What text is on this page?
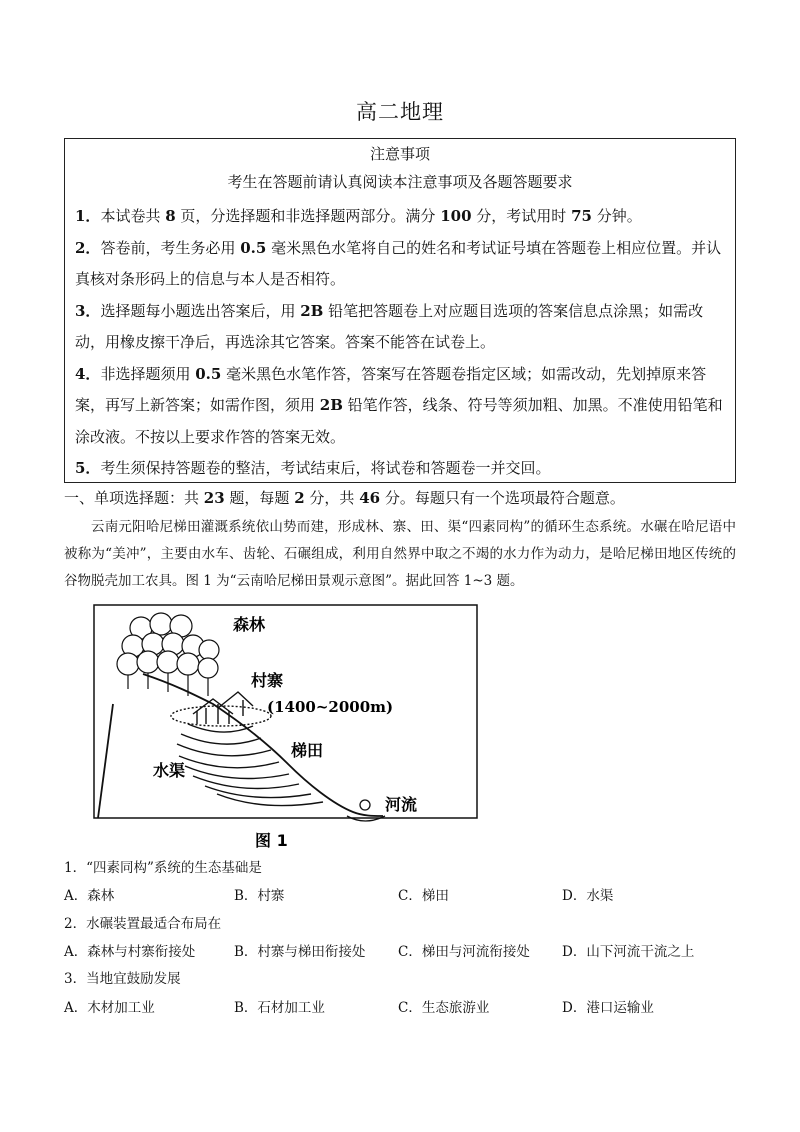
高二地理
注意事项
考生在答题前请认真阅读本注意事项及各题答题要求

1．本试卷共 8 页，分选择题和非选择题两部分。满分 100 分，考试用时 75 分钟。

2．答卷前，考生务必用 0.5 毫米黑色水笔将自己的姓名和考试证号填在答题卷上相应位置。并认真核对条形码上的信息与本人是否相符。

3．选择题每小题选出答案后，用 2B 铅笔把答题卷上对应题目选项的答案信息点涂黑；如需改动，用橡皮擦干净后，再选涂其它答案。答案不能答在试卷上。

4．非选择题须用 0.5 毫米黑色水笔作答，答案写在答题卷指定区域；如需改动，先划掉原来答案，再写上新答案；如需作图，须用 2B 铅笔作答，线条、符号等须加粗、加黑。不准使用铅笔和涂改液。不按以上要求作答的答案无效。

5．考生须保持答题卷的整洁，考试结束后，将试卷和答题卷一并交回。

一、单项选择题：共 23 题，每题 2 分，共 46 分。每题只有一个选项最符合题意。
云南元阳哈尼梯田灌溉系统依山势而建，形成林、寨、田、渠“四素同构”的循环生态系统。水碾在哈尼语中被称为“美冲”，主要由水车、齿轮、石碾组成，利用自然界中取之不竭的水力作为动力，是哈尼梯田地区传统的谷物脱壳加工农具。图 1 为“云南哈尼梯田景观示意图”。据此回答 1~3 题。
森林
村寨
(1400~2000m)
梯田
水渠
河流
图 1
1．“四素同构”系统的生态基础是
A．森林	B．村寨	C．梯田	D．水渠
2．水碾装置最适合布局在
A．森林与村寨衔接处	B．村寨与梯田衔接处 C．梯田与河流衔接处 D．山下河流干流之上
3．当地宜鼓励发展
A．木材加工业	B．石材加工业	C．生态旅游业	D．港口运输业
